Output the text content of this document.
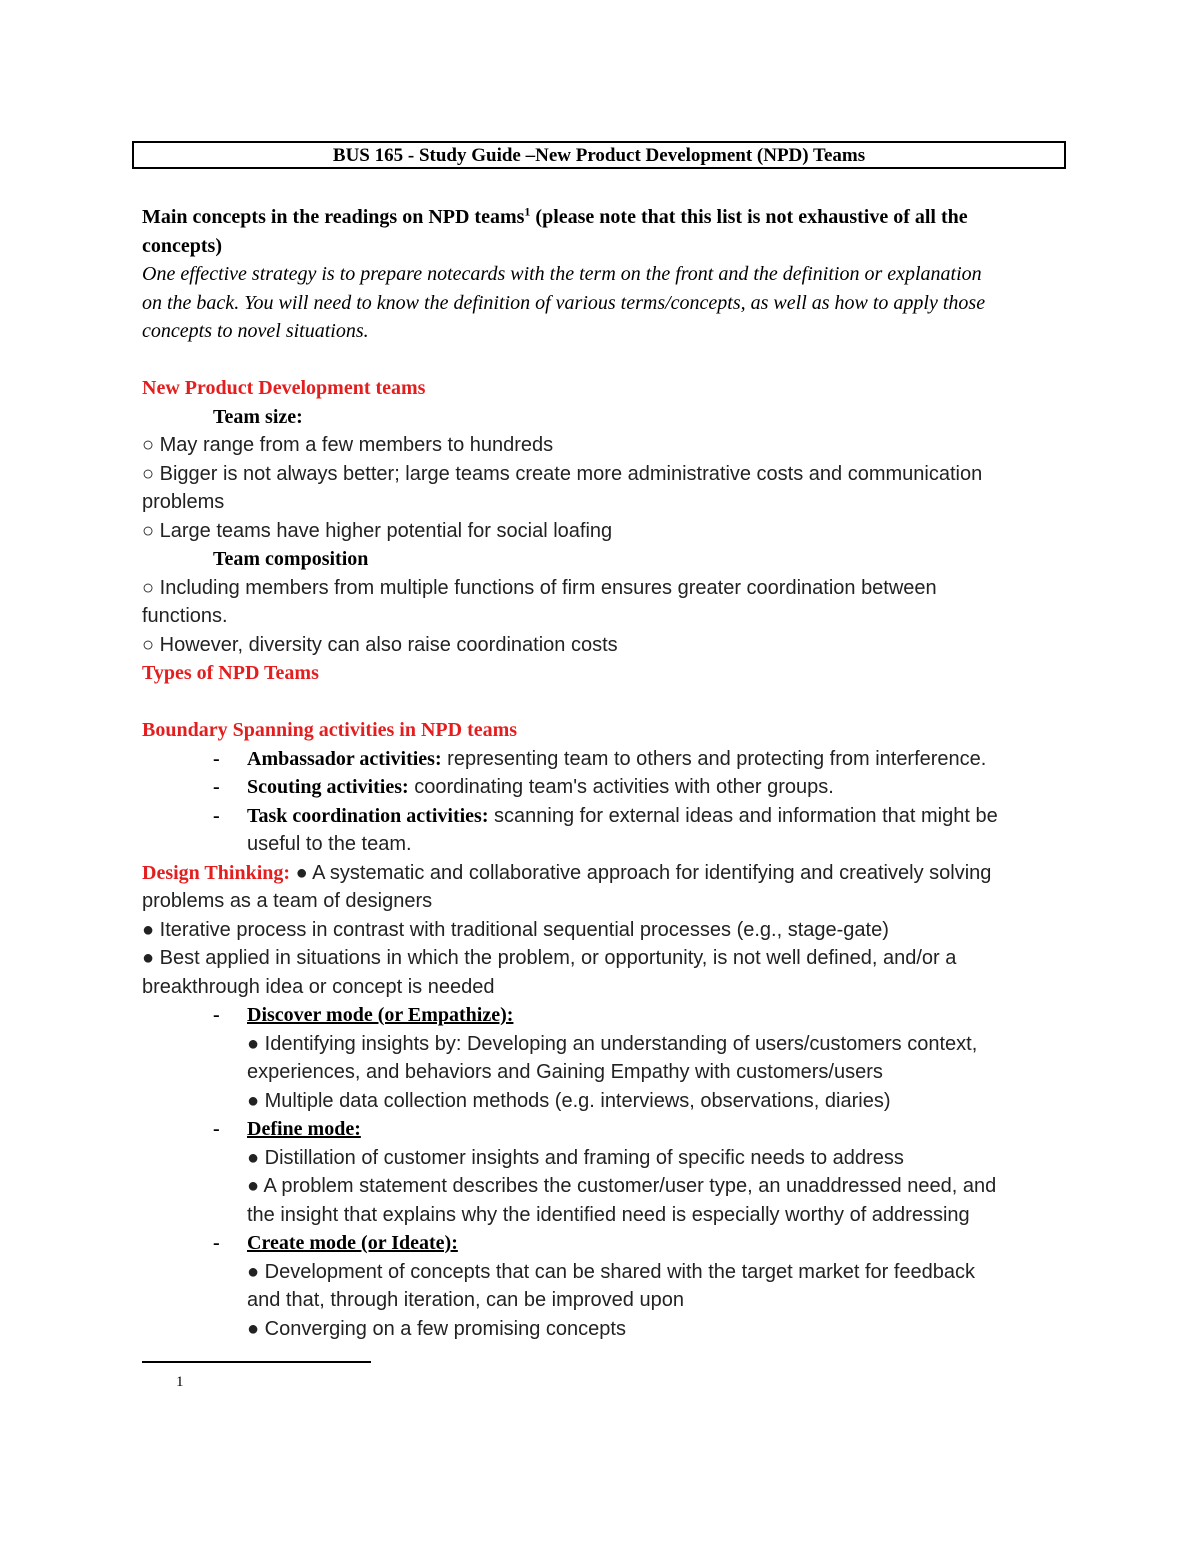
BUS 165 - Study Guide –New Product Development (NPD) Teams
Main concepts in the readings on NPD teams$^1$ (please note that this list is not exhaustive of all the
concepts)
One effective strategy is to prepare notecards with the term on the front and the definition or explanation
on the back. You will need to know the definition of various terms/concepts, as well as how to apply those
concepts to novel situations.
New Product Development teams
Team size:
○ May range from a few members to hundreds
○ Bigger is not always better; large teams create more administrative costs and communication
problems
○ Large teams have higher potential for social loafing
Team composition
○ Including members from multiple functions of firm ensures greater coordination between
functions.
○ However, diversity can also raise coordination costs
Types of NPD Teams
Boundary Spanning activities in NPD teams
- Ambassador activities: representing team to others and protecting from interference.
- Scouting activities: coordinating team's activities with other groups.
- Task coordination activities: scanning for external ideas and information that might be
useful to the team.
Design Thinking: ● A systematic and collaborative approach for identifying and creatively solving
problems as a team of designers
● Iterative process in contrast with traditional sequential processes (e.g., stage-gate)
● Best applied in situations in which the problem, or opportunity, is not well defined, and/or a
breakthrough idea or concept is needed
- Discover mode (or Empathize):
● Identifying insights by: Developing an understanding of users/customers context,
experiences, and behaviors and Gaining Empathy with customers/users
● Multiple data collection methods (e.g. interviews, observations, diaries)
- Define mode:
● Distillation of customer insights and framing of specific needs to address
● A problem statement describes the customer/user type, an unaddressed need, and
the insight that explains why the identified need is especially worthy of addressing
- Create mode (or Ideate):
● Development of concepts that can be shared with the target market for feedback
and that, through iteration, can be improved upon
● Converging on a few promising concepts
1
